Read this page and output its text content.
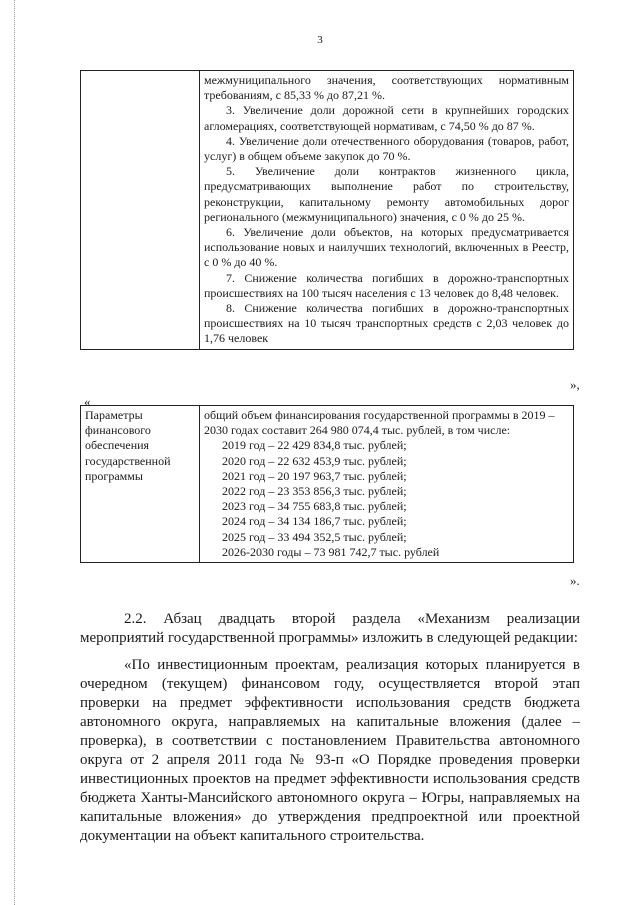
3

межмуниципального значения, соответствующих нормативным требованиям, с 85,33 % до 87,21 %.

3. Увеличение доли дорожной сети в крупнейших городских агломерациях, соответствующей нормативам, с 74,50 % до 87 %.

4. Увеличение доли отечественного оборудования (товаров, работ, услуг) в общем объеме закупок до 70 %.

5. Увеличение доли контрактов жизненного цикла, предусматривающих выполнение работ по строительству, реконструкции, капитальному ремонту автомобильных дорог регионального (межмуниципального) значения, с 0 % до 25 %.

6. Увеличение доли объектов, на которых предусматривается использование новых и наилучших технологий, включенных в Реестр, с 0 % до 40 %.

7. Снижение количества погибших в дорожно-транспортных происшествиях на 100 тысяч населения с 13 человек до 8,48 человек.

8. Снижение количества погибших в дорожно-транспортных происшествиях на 10 тысяч транспортных средств с 2,03 человек до 1,76 человек

»,
«
Параметры финансового обеспечения государственной программы	

общий объем финансирования государственной программы в 2019 – 2030 годах составит 264 980 074,4 тыс. рублей, в том числе:

2019 год – 22 429 834,8 тыс. рублей;
2020 год – 22 632 453,9 тыс. рублей;
2021 год – 20 197 963,7 тыс. рублей;
2022 год – 23 353 856,3 тыс. рублей;
2023 год – 34 755 683,8 тыс. рублей;
2024 год – 34 134 186,7 тыс. рублей;
2025 год – 33 494 352,5 тыс. рублей;
2026-2030 годы – 73 981 742,7 тыс. рублей
».

2.2. Абзац двадцать второй раздела «Механизм реализации мероприятий государственной программы» изложить в следующей редакции:

«По инвестиционным проектам, реализация которых планируется в очередном (текущем) финансовом году, осуществляется второй этап проверки на предмет эффективности использования средств бюджета автономного округа, направляемых на капитальные вложения (далее – проверка), в соответствии с постановлением Правительства автономного округа от 2 апреля 2011 года № 93-п «О Порядке проведения проверки инвестиционных проектов на предмет эффективности использования средств бюджета Ханты-Мансийского автономного округа – Югры, направляемых на капитальные вложения» до утверждения предпроектной или проектной документации на объект капитального строительства.
